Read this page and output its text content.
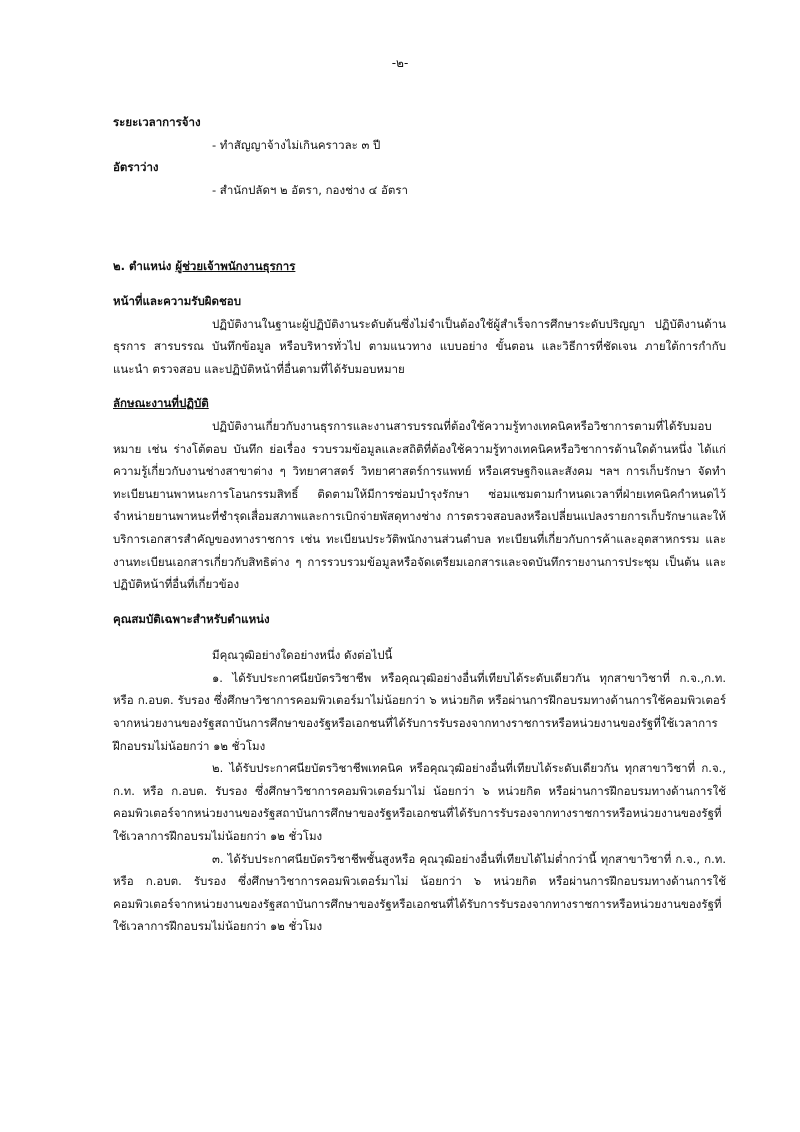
-๒-
ระยะเวลาการจ้าง
- ทำสัญญาจ้างไม่เกินคราวละ ๓ ปี
อัตราว่าง
- สำนักปลัดฯ ๒ อัตรา, กองช่าง ๔ อัตรา
๒. ตำแหน่ง ผู้ช่วยเจ้าพนักงานธุรการ
หน้าที่และความรับผิดชอบ

ปฏิบัติงานในฐานะผู้ปฏิบัติงานระดับต้นซึ่งไม่จำเป็นต้องใช้ผู้สำเร็จการศึกษาระดับปริญญา ปฏิบัติงานด้านธุรการ สารบรรณ บันทึกข้อมูล หรือบริหารทั่วไป ตามแนวทาง แบบอย่าง ขั้นตอน และวิธีการที่ชัดเจน ภายใต้การกำกับ แนะนำ ตรวจสอบ และปฏิบัติหน้าที่อื่นตามที่ได้รับมอบหมาย

ลักษณะงานที่ปฏิบัติ

ปฏิบัติงานเกี่ยวกับงานธุรการและงานสารบรรณที่ต้องใช้ความรู้ทางเทคนิคหรือวิชาการตามที่ได้รับมอบหมาย เช่น ร่างโต้ตอบ บันทึก ย่อเรื่อง รวบรวมข้อมูลและสถิติที่ต้องใช้ความรู้ทางเทคนิคหรือวิชาการด้านใดด้านหนึ่ง ได้แก่ ความรู้เกี่ยวกับงานช่างสาขาต่าง ๆ วิทยาศาสตร์ วิทยาศาสตร์การแพทย์ หรือเศรษฐกิจและสังคม ฯลฯ การเก็บรักษา จัดทำทะเบียนยานพาหนะการโอนกรรมสิทธิ์ ติดตามให้มีการซ่อมบำรุงรักษา ซ่อมแซมตามกำหนดเวลาที่ฝ่ายเทคนิคกำหนดไว้จำหน่ายยานพาหนะที่ชำรุดเสื่อมสภาพและการเบิกจ่ายพัสดุทางช่าง การตรวจสอบลงหรือเปลี่ยนแปลงรายการเก็บรักษาและให้บริการเอกสารสำคัญของทางราชการ เช่น ทะเบียนประวัติพนักงานส่วนตำบล ทะเบียนที่เกี่ยวกับการค้าและอุตสาหกรรม และงานทะเบียนเอกสารเกี่ยวกับสิทธิต่าง ๆ การรวบรวมข้อมูลหรือจัดเตรียมเอกสารและจดบันทึกรายงานการประชุม เป็นต้น และปฏิบัติหน้าที่อื่นที่เกี่ยวข้อง

คุณสมบัติเฉพาะสำหรับตำแหน่ง
มีคุณวุฒิอย่างใดอย่างหนึ่ง ดังต่อไปนี้

๑. ได้รับประกาศนียบัตรวิชาชีพ หรือคุณวุฒิอย่างอื่นที่เทียบได้ระดับเดียวกัน ทุกสาขาวิชาที่ ก.จ.,ก.ท. หรือ ก.อบต. รับรอง ซึ่งศึกษาวิชาการคอมพิวเตอร์มาไม่น้อยกว่า ๖ หน่วยกิต หรือผ่านการฝึกอบรมทางด้านการใช้คอมพิวเตอร์จากหน่วยงานของรัฐสถาบันการศึกษาของรัฐหรือเอกชนที่ได้รับการรับรองจากทางราชการหรือหน่วยงานของรัฐที่ใช้เวลาการฝึกอบรมไม่น้อยกว่า ๑๒ ชั่วโมง

๒. ได้รับประกาศนียบัตรวิชาชีพเทคนิค หรือคุณวุฒิอย่างอื่นที่เทียบได้ระดับเดียวกัน ทุกสาขาวิชาที่ ก.จ., ก.ท. หรือ ก.อบต. รับรอง ซึ่งศึกษาวิชาการคอมพิวเตอร์มาไม่ น้อยกว่า ๖ หน่วยกิต หรือผ่านการฝึกอบรมทางด้านการใช้คอมพิวเตอร์จากหน่วยงานของรัฐสถาบันการศึกษาของรัฐหรือเอกชนที่ได้รับการรับรองจากทางราชการหรือหน่วยงานของรัฐที่ ใช้เวลาการฝึกอบรมไม่น้อยกว่า ๑๒ ชั่วโมง

๓. ได้รับประกาศนียบัตรวิชาชีพชั้นสูงหรือ คุณวุฒิอย่างอื่นที่เทียบได้ไม่ต่ำกว่านี้ ทุกสาขาวิชาที่ ก.จ., ก.ท. หรือ ก.อบต. รับรอง ซึ่งศึกษาวิชาการคอมพิวเตอร์มาไม่ น้อยกว่า ๖ หน่วยกิต หรือผ่านการฝึกอบรมทางด้านการใช้คอมพิวเตอร์จากหน่วยงานของรัฐสถาบันการศึกษาของรัฐหรือเอกชนที่ได้รับการรับรองจากทางราชการหรือหน่วยงานของรัฐที่ใช้เวลาการฝึกอบรมไม่น้อยกว่า ๑๒ ชั่วโมง
